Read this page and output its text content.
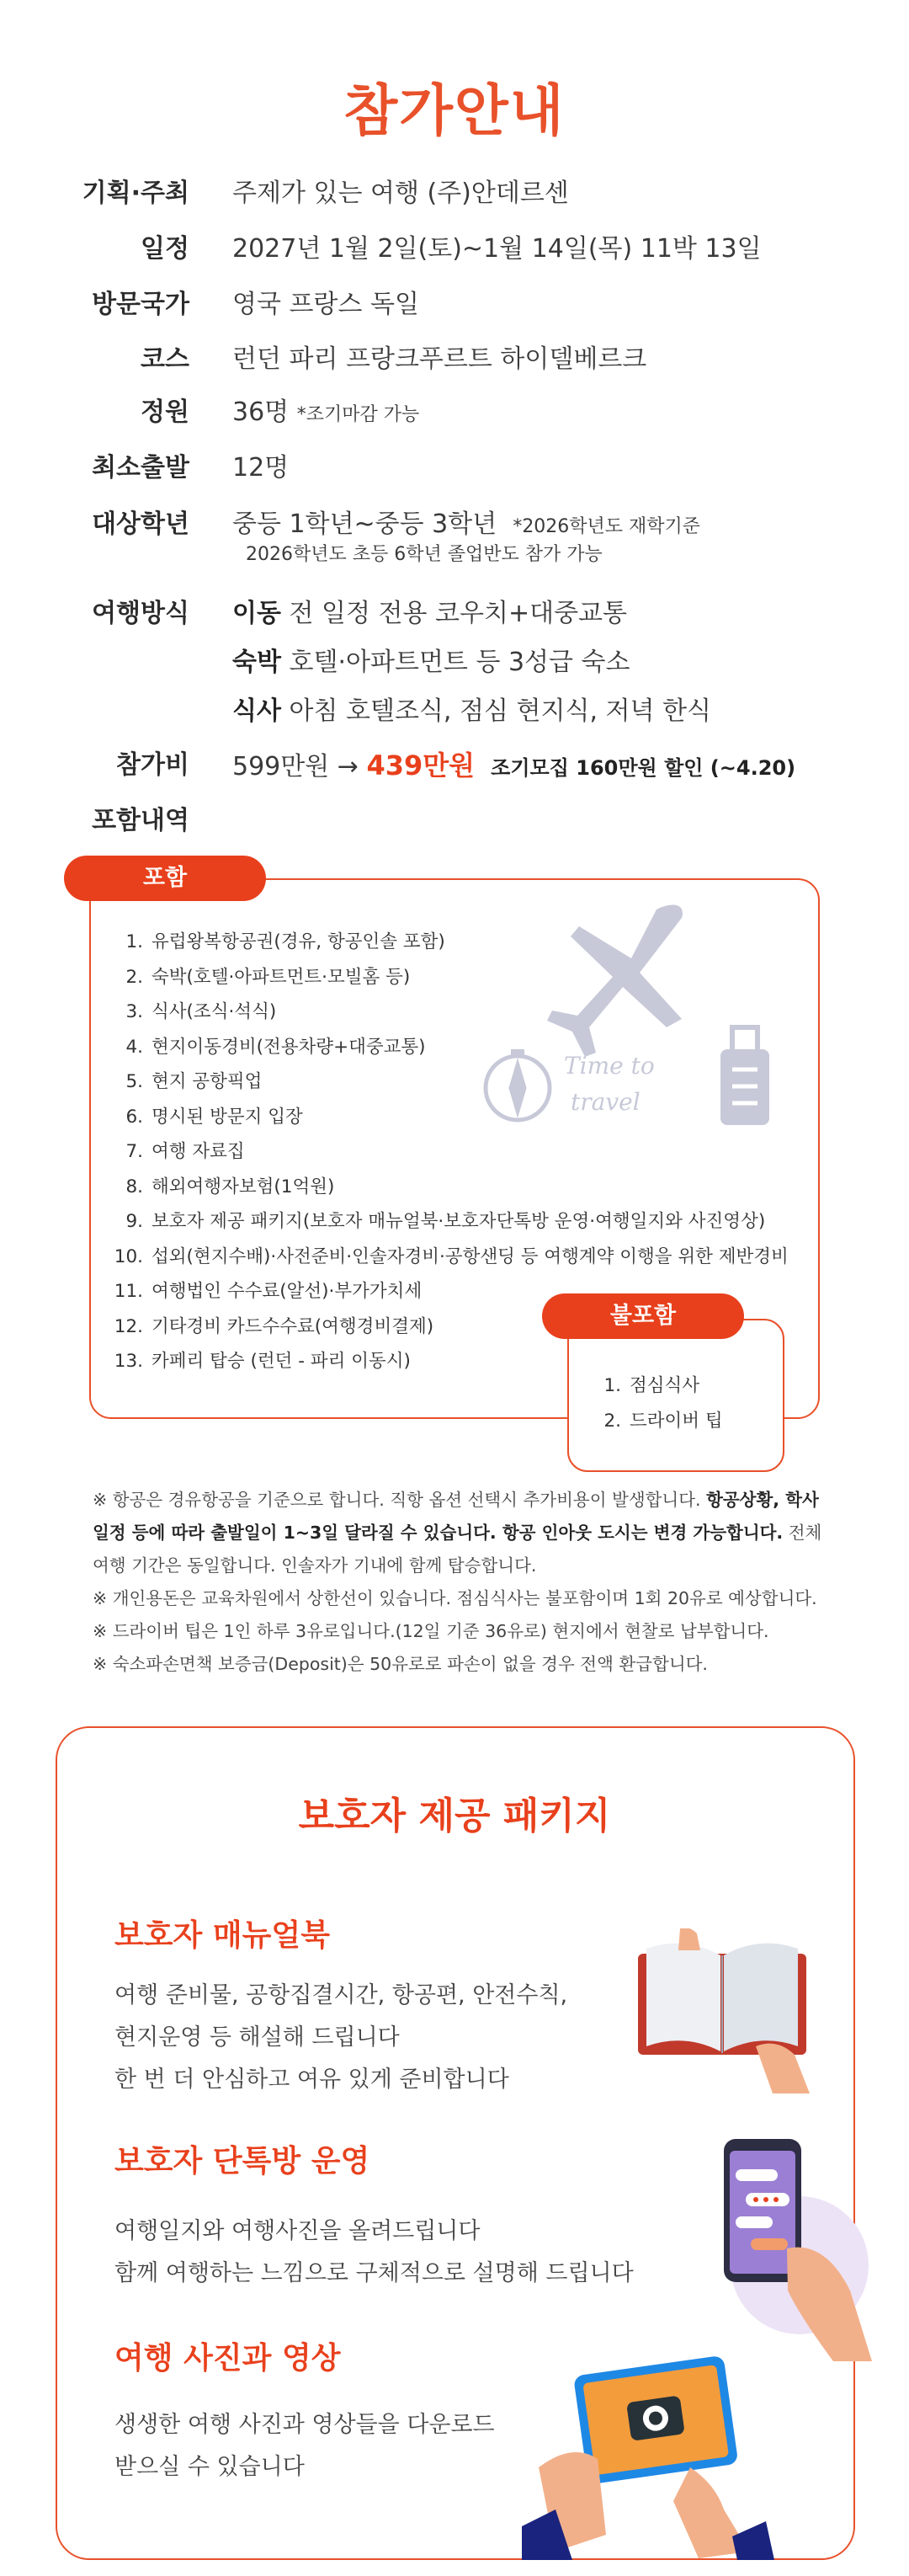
참가안내
기획·주최 주제가 있는 여행 (주)안데르센
일정 2027년 1월 2일(토)~1월 14일(목) 11박 13일
방문국가 영국 프랑스 독일
코스 런던 파리 프랑크푸르트 하이델베르크
정원 36명 *조기마감 가능
최소출발 12명
대상학년 중등 1학년~중등 3학년 *2026학년도 재학기준
2026학년도 초등 6학년 졸업반도 참가 가능
여행방식 이동 전 일정 전용 코우치+대중교통
숙박 호텔·아파트먼트 등 3성급 숙소
식사 아침 호텔조식, 점심 현지식, 저녁 한식
참가비 599만원 → 439만원 조기모집 160만원 할인 (~4.20)
포함내역
포함
Time to
travel
1. 유럽왕복항공권(경유, 항공인솔 포함)
2. 숙박(호텔·아파트먼트·모빌홈 등)
3. 식사(조식·석식)
4. 현지이동경비(전용차량+대중교통)
5. 현지 공항픽업
6. 명시된 방문지 입장
7. 여행 자료집
8. 해외여행자보험(1억원)
9. 보호자 제공 패키지(보호자 매뉴얼북·보호자단톡방 운영·여행일지와 사진영상)
10. 섭외(현지수배)·사전준비·인솔자경비·공항샌딩 등 여행계약 이행을 위한 제반경비
11. 여행법인 수수료(알선)·부가가치세
12. 기타경비 카드수수료(여행경비결제)
13. 카페리 탑승 (런던 - 파리 이동시)
불포함
1. 점심식사
2. 드라이버 팁

※ 항공은 경유항공을 기준으로 합니다. 직항 옵션 선택시 추가비용이 발생합니다. 항공상황, 학사

일정 등에 따라 출발일이 1~3일 달라질 수 있습니다. 항공 인아웃 도시는 변경 가능합니다. 전체

여행 기간은 동일합니다. 인솔자가 기내에 함께 탑승합니다.

※ 개인용돈은 교육차원에서 상한선이 있습니다. 점심식사는 불포함이며 1회 20유로 예상합니다.

※ 드라이버 팁은 1인 하루 3유로입니다.(12일 기준 36유로) 현지에서 현찰로 납부합니다.

※ 숙소파손면책 보증금(Deposit)은 50유로로 파손이 없을 경우 전액 환급합니다.

보호자 제공 패키지
보호자 매뉴얼북

여행 준비물, 공항집결시간, 항공편, 안전수칙,

현지운영 등 해설해 드립니다

한 번 더 안심하고 여유 있게 준비합니다

보호자 단톡방 운영

여행일지와 여행사진을 올려드립니다

함께 여행하는 느낌으로 구체적으로 설명해 드립니다

여행 사진과 영상

생생한 여행 사진과 영상들을 다운로드

받으실 수 있습니다
